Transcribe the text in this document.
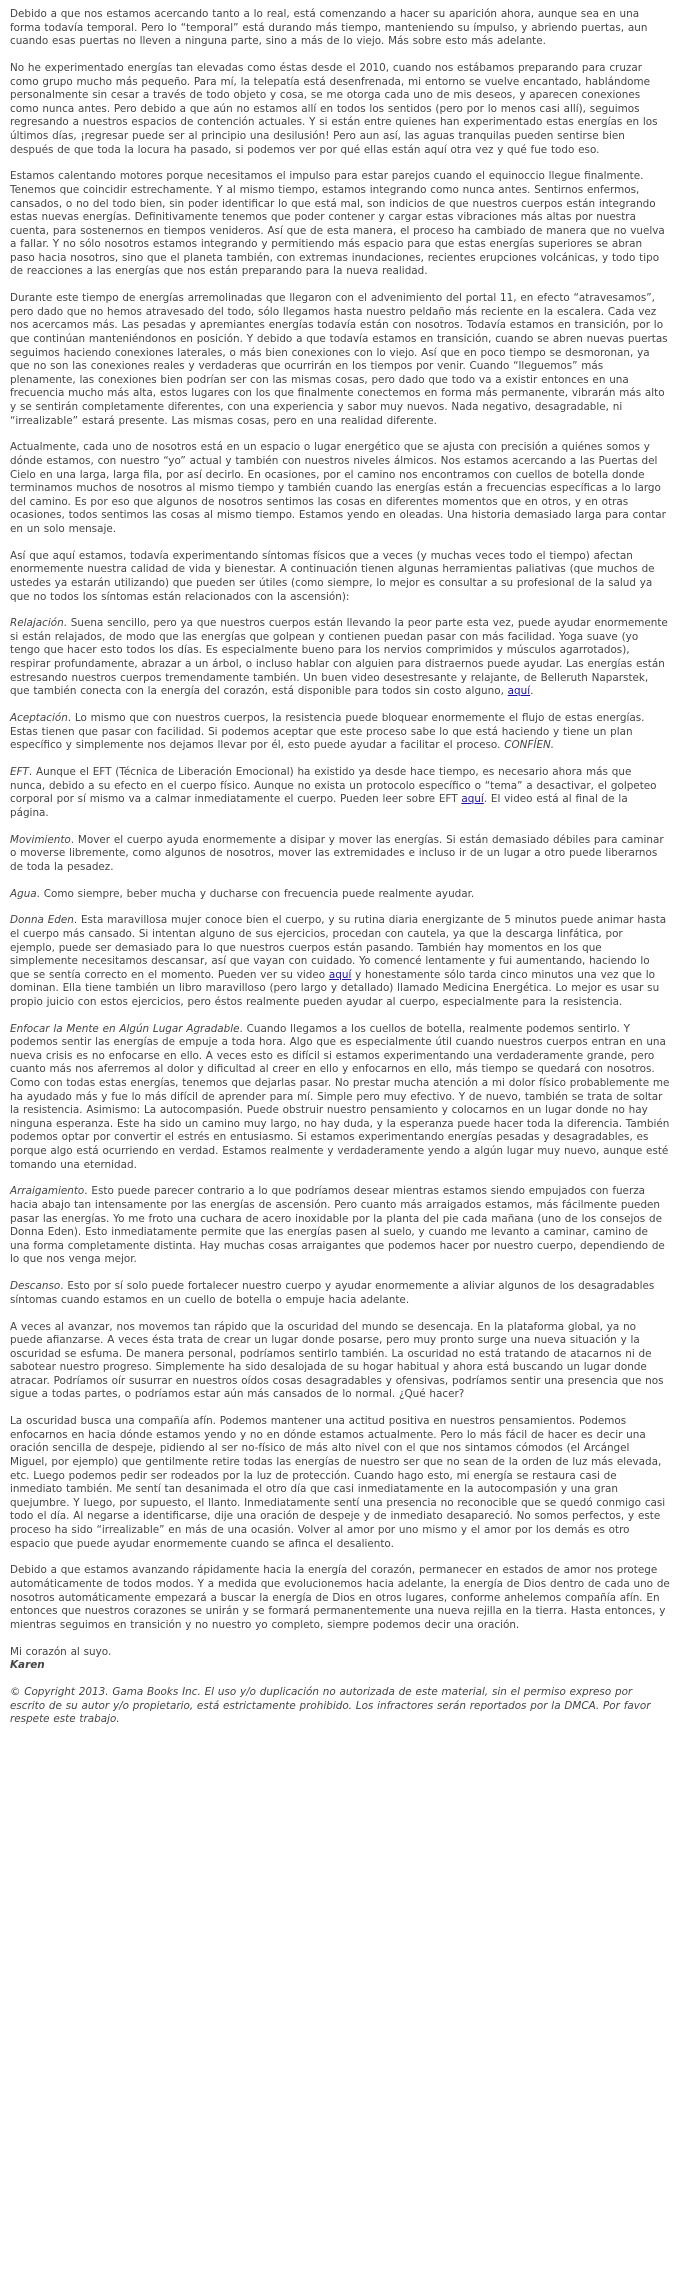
Debido a que nos estamos acercando tanto a lo real, está comenzando a hacer su aparición ahora, aunque sea en una forma todavía temporal. Pero lo “temporal” está durando más tiempo, manteniendo su ímpulso, y abriendo puertas, aun cuando esas puertas no lleven a ninguna parte, sino a más de lo viejo. Más sobre esto más adelante.

No he experimentado energías tan elevadas como éstas desde el 2010, cuando nos estábamos preparando para cruzar como grupo mucho más pequeño. Para mí, la telepatía está desenfrenada, mi entorno se vuelve encantado, hablándome personalmente sin cesar a través de todo objeto y cosa, se me otorga cada uno de mis deseos, y aparecen conexiones como nunca antes. Pero debido a que aún no estamos allí en todos los sentidos (pero por lo menos casi allí), seguimos regresando a nuestros espacios de contención actuales. Y si están entre quienes han experimentado estas energías en los últimos días, ¡regresar puede ser al principio una desilusión! Pero aun así, las aguas tranquilas pueden sentirse bien después de que toda la locura ha pasado, si podemos ver por qué ellas están aquí otra vez y qué fue todo eso.

Estamos calentando motores porque necesitamos el impulso para estar parejos cuando el equinoccio llegue finalmente. Tenemos que coincidir estrechamente. Y al mismo tiempo, estamos integrando como nunca antes. Sentirnos enfermos, cansados, o no del todo bien, sin poder identificar lo que está mal, son indicios de que nuestros cuerpos están integrando estas nuevas energías. Definitivamente tenemos que poder contener y cargar estas vibraciones más altas por nuestra cuenta, para sostenernos en tiempos venideros. Así que de esta manera, el proceso ha cambiado de manera que no vuelva a fallar. Y no sólo nosotros estamos integrando y permitiendo más espacio para que estas energías superiores se abran paso hacia nosotros, sino que el planeta también, con extremas inundaciones, recientes erupciones volcánicas, y todo tipo de reacciones a las energías que nos están preparando para la nueva realidad.

Durante este tiempo de energías arremolinadas que llegaron con el advenimiento del portal 11, en efecto “atravesamos”, pero dado que no hemos atravesado del todo, sólo llegamos hasta nuestro peldaño más reciente en la escalera. Cada vez nos acercamos más. Las pesadas y apremiantes energías todavía están con nosotros. Todavía estamos en transición, por lo que continúan manteniéndonos en posición. Y debido a que todavía estamos en transición, cuando se abren nuevas puertas seguimos haciendo conexiones laterales, o más bien conexiones con lo viejo. Así que en poco tiempo se desmoronan, ya que no son las conexiones reales y verdaderas que ocurrirán en los tiempos por venir. Cuando “lleguemos” más plenamente, las conexiones bien podrían ser con las mismas cosas, pero dado que todo va a existir entonces en una frecuencia mucho más alta, estos lugares con los que finalmente conectemos en forma más permanente, vibrarán más alto y se sentirán completamente diferentes, con una experiencia y sabor muy nuevos. Nada negativo, desagradable, ni “irrealizable” estará presente. Las mismas cosas, pero en una realidad diferente.

Actualmente, cada uno de nosotros está en un espacio o lugar energético que se ajusta con precisión a quiénes somos y dónde estamos, con nuestro “yo” actual y también con nuestros niveles álmicos. Nos estamos acercando a las Puertas del Cielo en una larga, larga fila, por así decirlo. En ocasiones, por el camino nos encontramos con cuellos de botella donde terminamos muchos de nosotros al mismo tiempo y también cuando las energías están a frecuencias específicas a lo largo del camino. Es por eso que algunos de nosotros sentimos las cosas en diferentes momentos que en otros, y en otras ocasiones, todos sentimos las cosas al mismo tiempo. Estamos yendo en oleadas. Una historia demasiado larga para contar en un solo mensaje.

Así que aquí estamos, todavía experimentando síntomas físicos que a veces (y muchas veces todo el tiempo) afectan enormemente nuestra calidad de vida y bienestar. A continuación tienen algunas herramientas paliativas (que muchos de ustedes ya estarán utilizando) que pueden ser útiles (como siempre, lo mejor es consultar a su profesional de la salud ya que no todos los síntomas están relacionados con la ascensión):

Relajación. Suena sencillo, pero ya que nuestros cuerpos están llevando la peor parte esta vez, puede ayudar enormemente si están relajados, de modo que las energías que golpean y contienen puedan pasar con más facilidad. Yoga suave (yo tengo que hacer esto todos los días. Es especialmente bueno para los nervios comprimidos y músculos agarrotados), respirar profundamente, abrazar a un árbol, o incluso hablar con alguien para distraernos puede ayudar. Las energías están estresando nuestros cuerpos tremendamente también. Un buen video desestresante y relajante, de Belleruth Naparstek, que también conecta con la energía del corazón, está disponible para todos sin costo alguno, aquí.

Aceptación. Lo mismo que con nuestros cuerpos, la resistencia puede bloquear enormemente el flujo de estas energías. Estas tienen que pasar con facilidad. Si podemos aceptar que este proceso sabe lo que está haciendo y tiene un plan específico y simplemente nos dejamos llevar por él, esto puede ayudar a facilitar el proceso. CONFÍEN.

EFT. Aunque el EFT (Técnica de Liberación Emocional) ha existido ya desde hace tiempo, es necesario ahora más que nunca, debido a su efecto en el cuerpo físico. Aunque no exista un protocolo específico o “tema” a desactivar, el golpeteo corporal por sí mismo va a calmar inmediatamente el cuerpo. Pueden leer sobre EFT aquí. El video está al final de la página.

Movimiento. Mover el cuerpo ayuda enormemente a disipar y mover las energías. Si están demasiado débiles para caminar o moverse libremente, como algunos de nosotros, mover las extremidades e incluso ir de un lugar a otro puede liberarnos de toda la pesadez.

Agua. Como siempre, beber mucha y ducharse con frecuencia puede realmente ayudar.

Donna Eden. Esta maravillosa mujer conoce bien el cuerpo, y su rutina diaria energizante de 5 minutos puede animar hasta el cuerpo más cansado. Si intentan alguno de sus ejercicios, procedan con cautela, ya que la descarga linfática, por ejemplo, puede ser demasiado para lo que nuestros cuerpos están pasando. También hay momentos en los que simplemente necesitamos descansar, así que vayan con cuidado. Yo comencé lentamente y fui aumentando, haciendo lo que se sentía correcto en el momento. Pueden ver su video aquí y honestamente sólo tarda cinco minutos una vez que lo dominan. Ella tiene también un libro maravilloso (pero largo y detallado) llamado Medicina Energética. Lo mejor es usar su propio juicio con estos ejercicios, pero éstos realmente pueden ayudar al cuerpo, especialmente para la resistencia.

Enfocar la Mente en Algún Lugar Agradable. Cuando llegamos a los cuellos de botella, realmente podemos sentirlo. Y podemos sentir las energías de empuje a toda hora. Algo que es especialmente útil cuando nuestros cuerpos entran en una nueva crisis es no enfocarse en ello. A veces esto es difícil si estamos experimentando una verdaderamente grande, pero cuanto más nos aferremos al dolor y dificultad al creer en ello y enfocarnos en ello, más tiempo se quedará con nosotros. Como con todas estas energías, tenemos que dejarlas pasar. No prestar mucha atención a mi dolor físico probablemente me ha ayudado más y fue lo más difícil de aprender para mí. Simple pero muy efectivo. Y de nuevo, también se trata de soltar la resistencia. Asimismo: La autocompasión. Puede obstruir nuestro pensamiento y colocarnos en un lugar donde no hay ninguna esperanza. Este ha sido un camino muy largo, no hay duda, y la esperanza puede hacer toda la diferencia. También podemos optar por convertir el estrés en entusiasmo. Si estamos experimentando energías pesadas y desagradables, es porque algo está ocurriendo en verdad. Estamos realmente y verdaderamente yendo a algún lugar muy nuevo, aunque esté tomando una eternidad.

Arraigamiento. Esto puede parecer contrario a lo que podríamos desear mientras estamos siendo empujados con fuerza hacia abajo tan intensamente por las energías de ascensión. Pero cuanto más arraigados estamos, más fácilmente pueden pasar las energías. Yo me froto una cuchara de acero inoxidable por la planta del pie cada mañana (uno de los consejos de Donna Eden). Esto inmediatamente permite que las energías pasen al suelo, y cuando me levanto a caminar, camino de una forma completamente distinta. Hay muchas cosas arraigantes que podemos hacer por nuestro cuerpo, dependiendo de lo que nos venga mejor.

Descanso. Esto por sí solo puede fortalecer nuestro cuerpo y ayudar enormemente a aliviar algunos de los desagradables síntomas cuando estamos en un cuello de botella o empuje hacia adelante.

A veces al avanzar, nos movemos tan rápido que la oscuridad del mundo se desencaja. En la plataforma global, ya no puede afianzarse. A veces ésta trata de crear un lugar donde posarse, pero muy pronto surge una nueva situación y la oscuridad se esfuma. De manera personal, podríamos sentirlo también. La oscuridad no está tratando de atacarnos ni de sabotear nuestro progreso. Simplemente ha sido desalojada de su hogar habitual y ahora está buscando un lugar donde atracar. Podríamos oír susurrar en nuestros oídos cosas desagradables y ofensivas, podríamos sentir una presencia que nos sigue a todas partes, o podríamos estar aún más cansados de lo normal. ¿Qué hacer?

La oscuridad busca una compañía afín. Podemos mantener una actitud positiva en nuestros pensamientos. Podemos enfocarnos en hacia dónde estamos yendo y no en dónde estamos actualmente. Pero lo más fácil de hacer es decir una oración sencilla de despeje, pidiendo al ser no-físico de más alto nivel con el que nos sintamos cómodos (el Arcángel Miguel, por ejemplo) que gentilmente retire todas las energías de nuestro ser que no sean de la orden de luz más elevada, etc. Luego podemos pedir ser rodeados por la luz de protección. Cuando hago esto, mi energía se restaura casi de inmediato también. Me sentí tan desanimada el otro día que casi inmediatamente en la autocompasión y una gran quejumbre. Y luego, por supuesto, el llanto. Inmediatamente sentí una presencia no reconocible que se quedó conmigo casi todo el día. Al negarse a identificarse, dije una oración de despeje y de inmediato desapareció. No somos perfectos, y este proceso ha sido “irrealizable” en más de una ocasión. Volver al amor por uno mismo y el amor por los demás es otro espacio que puede ayudar enormemente cuando se afinca el desaliento.

Debido a que estamos avanzando rápidamente hacia la energía del corazón, permanecer en estados de amor nos protege automáticamente de todos modos. Y a medida que evolucionemos hacia adelante, la energía de Dios dentro de cada uno de nosotros automáticamente empezará a buscar la energía de Dios en otros lugares, conforme anhelemos compañía afín. En entonces que nuestros corazones se unirán y se formará permanentemente una nueva rejilla en la tierra. Hasta entonces, y mientras seguimos en transición y no nuestro yo completo, siempre podemos decir una oración.

Mi corazón al suyo.

Karen

© Copyright 2013. Gama Books Inc. El uso y/o duplicación no autorizada de este material, sin el permiso expreso por escrito de su autor y/o propietario, está estrictamente prohibido. Los infractores serán reportados por la DMCA. Por favor respete este trabajo.
